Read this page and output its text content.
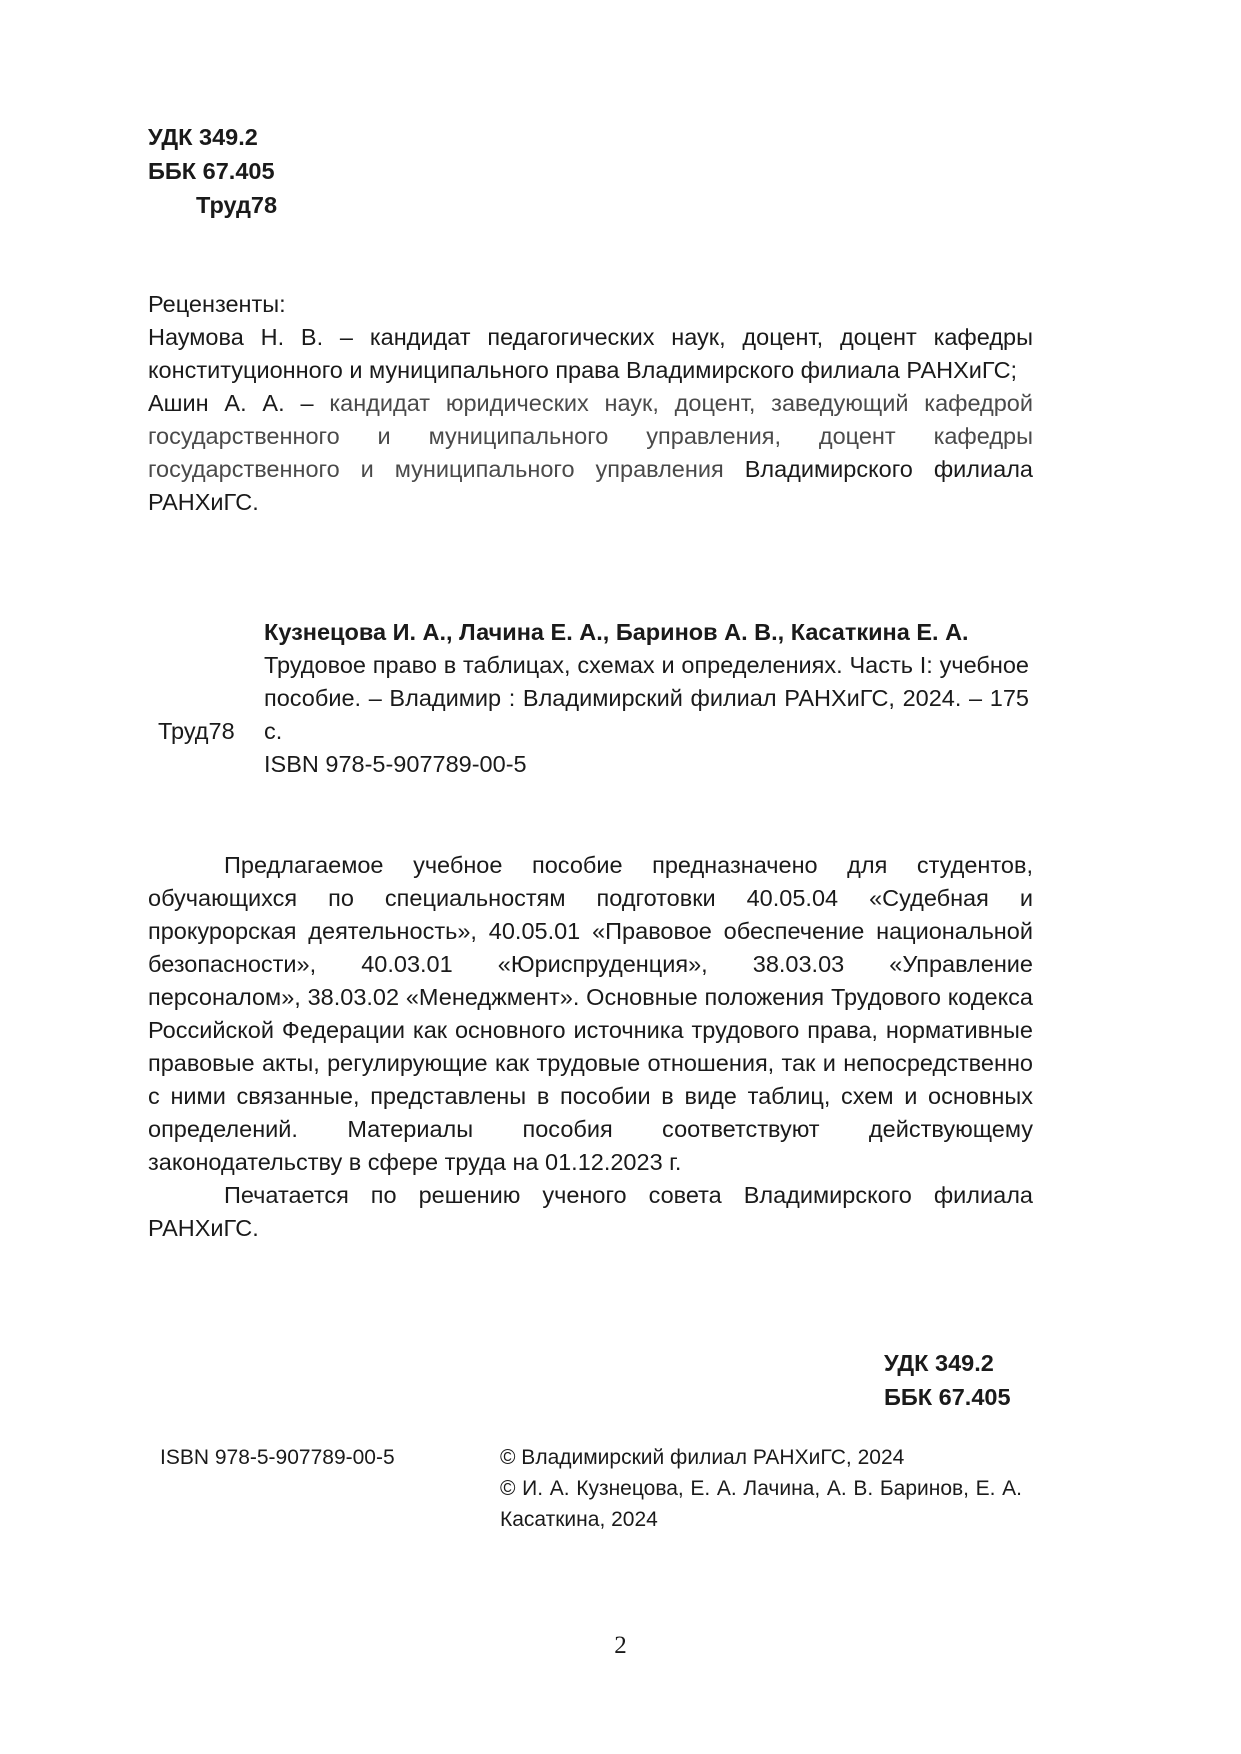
УДК 349.2
ББК 67.405
Труд78

Рецензенты:

Наумова Н. В. – кандидат педагогических наук, доцент, доцент кафедры конституционного и муниципального права Владимирского филиала РАНХиГС;

Ашин А. А. – кандидат юридических наук, доцент, заведующий кафедрой государственного и муниципального управления, доцент кафедры государственного и муниципального управления Владимирского филиала РАНХиГС.

Кузнецова И. А., Лачина Е. А., Баринов А. В., Касаткина Е. А.
Трудовое право в таблицах, схемах и определениях. Часть I: учебное пособие. – Владимир : Владимирский филиал РАНХиГС, 2024. – 175 с.
Труд78
ISBN 978-5-907789-00-5

Предлагаемое учебное пособие предназначено для студентов, обучающихся по специальностям подготовки 40.05.04 «Судебная и прокурорская деятельность», 40.05.01 «Правовое обеспечение национальной безопасности», 40.03.01 «Юриспруденция», 38.03.03 «Управление персоналом», 38.03.02 «Менеджмент». Основные положения Трудового кодекса Российской Федерации как основного источника трудового права, нормативные правовые акты, регулирующие как трудовые отношения, так и непосредственно с ними связанные, представлены в пособии в виде таблиц, схем и основных определений. Материалы пособия соответствуют действующему законодательству в сфере труда на 01.12.2023 г.

Печатается по решению ученого совета Владимирского филиала РАНХиГС.

УДК 349.2
ББК 67.405
ISBN 978-5-907789-00-5	© Владимирский филиал РАНХиГС, 2024
© И. А. Кузнецова, Е. А. Лачина, А. В. Баринов, Е. А. Касаткина, 2024
2
